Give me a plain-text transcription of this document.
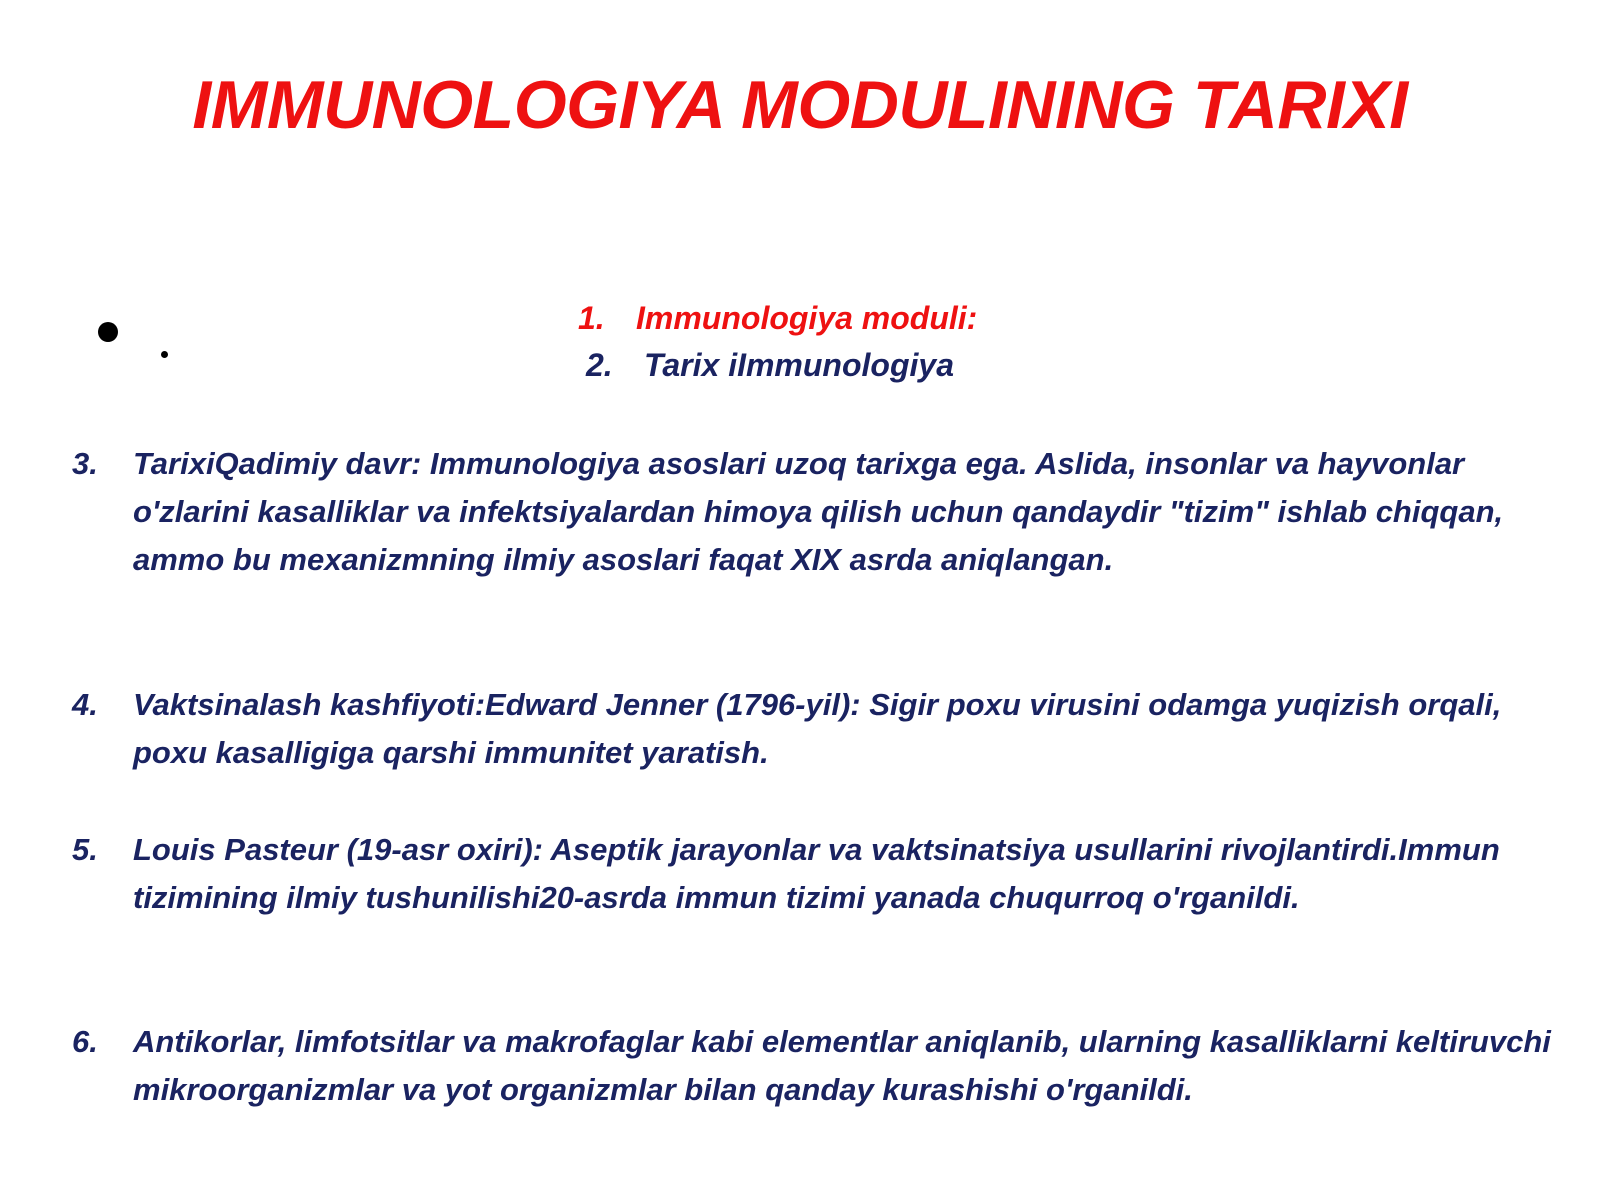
IMMUNOLOGIYA MODULINING TARIXI
1. Immunologiya moduli:
2. Tarix iImmunologiya
3.	TarixiQadimiy davr: Immunologiya asoslari uzoq tarixga ega. Aslida, insonlar va hayvonlar o'zlarini kasalliklar va infektsiyalardan himoya qilish uchun qandaydir "tizim" ishlab chiqqan, ammo bu mexanizmning ilmiy asoslari faqat XIX asrda aniqlangan.
4.	Vaktsinalash kashfiyoti:Edward Jenner (1796-yil): Sigir poxu virusini odamga yuqizish orqali, poxu kasalligiga qarshi immunitet yaratish.
5.	Louis Pasteur (19-asr oxiri): Aseptik jarayonlar va vaktsinatsiya usullarini rivojlantirdi.Immun tizimining ilmiy tushunilishi20-asrda immun tizimi yanada chuqurroq o'rganildi.
6.	Antikorlar, limfotsitlar va makrofaglar kabi elementlar aniqlanib, ularning kasalliklarni keltiruvchi mikroorganizmlar va yot organizmlar bilan qanday kurashishi o'rganildi.
